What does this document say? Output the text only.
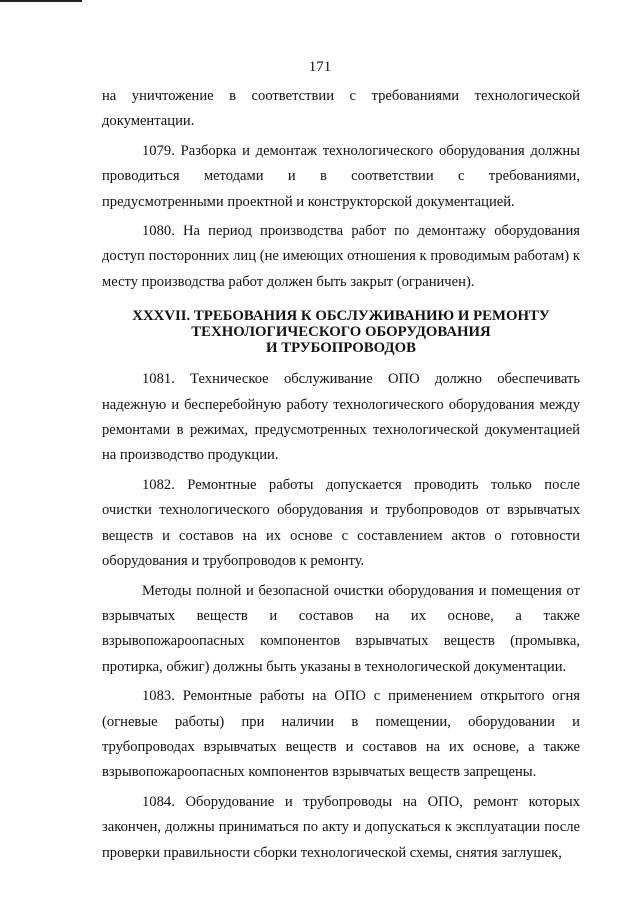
171

на уничтожение в соответствии с требованиями технологической документации.

1079. Разборка и демонтаж технологического оборудования должны проводиться методами и в соответствии с требованиями, предусмотренными проектной и конструкторской документацией.

1080. На период производства работ по демонтажу оборудования доступ посторонних лиц (не имеющих отношения к проводимым работам) к месту производства работ должен быть закрыт (ограничен).

XXXVII. ТРЕБОВАНИЯ К ОБСЛУЖИВАНИЮ И РЕМОНТУ
ТЕХНОЛОГИЧЕСКОГО ОБОРУДОВАНИЯ
И ТРУБОПРОВОДОВ

1081. Техническое обслуживание ОПО должно обеспечивать надежную и бесперебойную работу технологического оборудования между ремонтами в режимах, предусмотренных технологической документацией на производство продукции.

1082. Ремонтные работы допускается проводить только после очистки технологического оборудования и трубопроводов от взрывчатых веществ и составов на их основе с составлением актов о готовности оборудования и трубопроводов к ремонту.

Методы полной и безопасной очистки оборудования и помещения от взрывчатых веществ и составов на их основе, а также взрывопожароопасных компонентов взрывчатых веществ (промывка, протирка, обжиг) должны быть указаны в технологической документации.

1083. Ремонтные работы на ОПО с применением открытого огня (огневые работы) при наличии в помещении, оборудовании и трубопроводах взрывчатых веществ и составов на их основе, а также взрывопожароопасных компонентов взрывчатых веществ запрещены.

1084. Оборудование и трубопроводы на ОПО, ремонт которых закончен, должны приниматься по акту и допускаться к эксплуатации после проверки правильности сборки технологической схемы, снятия заглушек,
